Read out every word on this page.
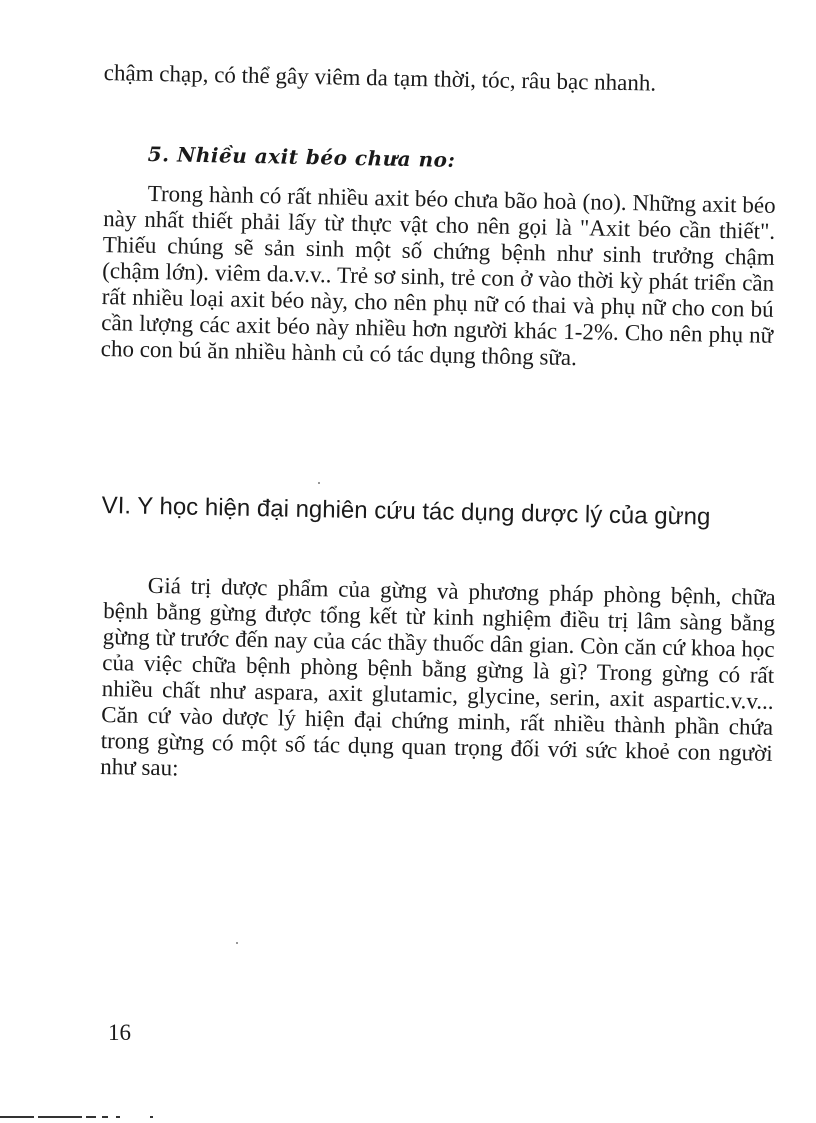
chậm chạp, có thể gây viêm da tạm thời, tóc, râu bạc nhanh.

5. Nhiều axit béo chưa no:

Trong hành có rất nhiều axit béo chưa bão hoà (no). Những axit béo này nhất thiết phải lấy từ thực vật cho nên gọi là "Axit béo cần thiết". Thiếu chúng sẽ sản sinh một số chứng bệnh như sinh trưởng chậm (chậm lớn). viêm da.v.v.. Trẻ sơ sinh, trẻ con ở vào thời kỳ phát triển cần rất nhiều loại axit béo này, cho nên phụ nữ có thai và phụ nữ cho con bú cần lượng các axit béo này nhiều hơn người khác 1-2%. Cho nên phụ nữ cho con bú ăn nhiều hành củ có tác dụng thông sữa.

VI. Y học hiện đại nghiên cứu tác dụng dược lý của gừng

Giá trị dược phẩm của gừng và phương pháp phòng bệnh, chữa bệnh bằng gừng được tổng kết từ kinh nghiệm điều trị lâm sàng bằng gừng từ trước đến nay của các thầy thuốc dân gian. Còn căn cứ khoa học của việc chữa bệnh phòng bệnh bằng gừng là gì? Trong gừng có rất nhiều chất như aspara, axit glutamic, glycine, serin, axit aspartic.v.v... Căn cứ vào dược lý hiện đại chứng minh, rất nhiều thành phần chứa trong gừng có một số tác dụng quan trọng đối với sức khoẻ con người như sau:

16
